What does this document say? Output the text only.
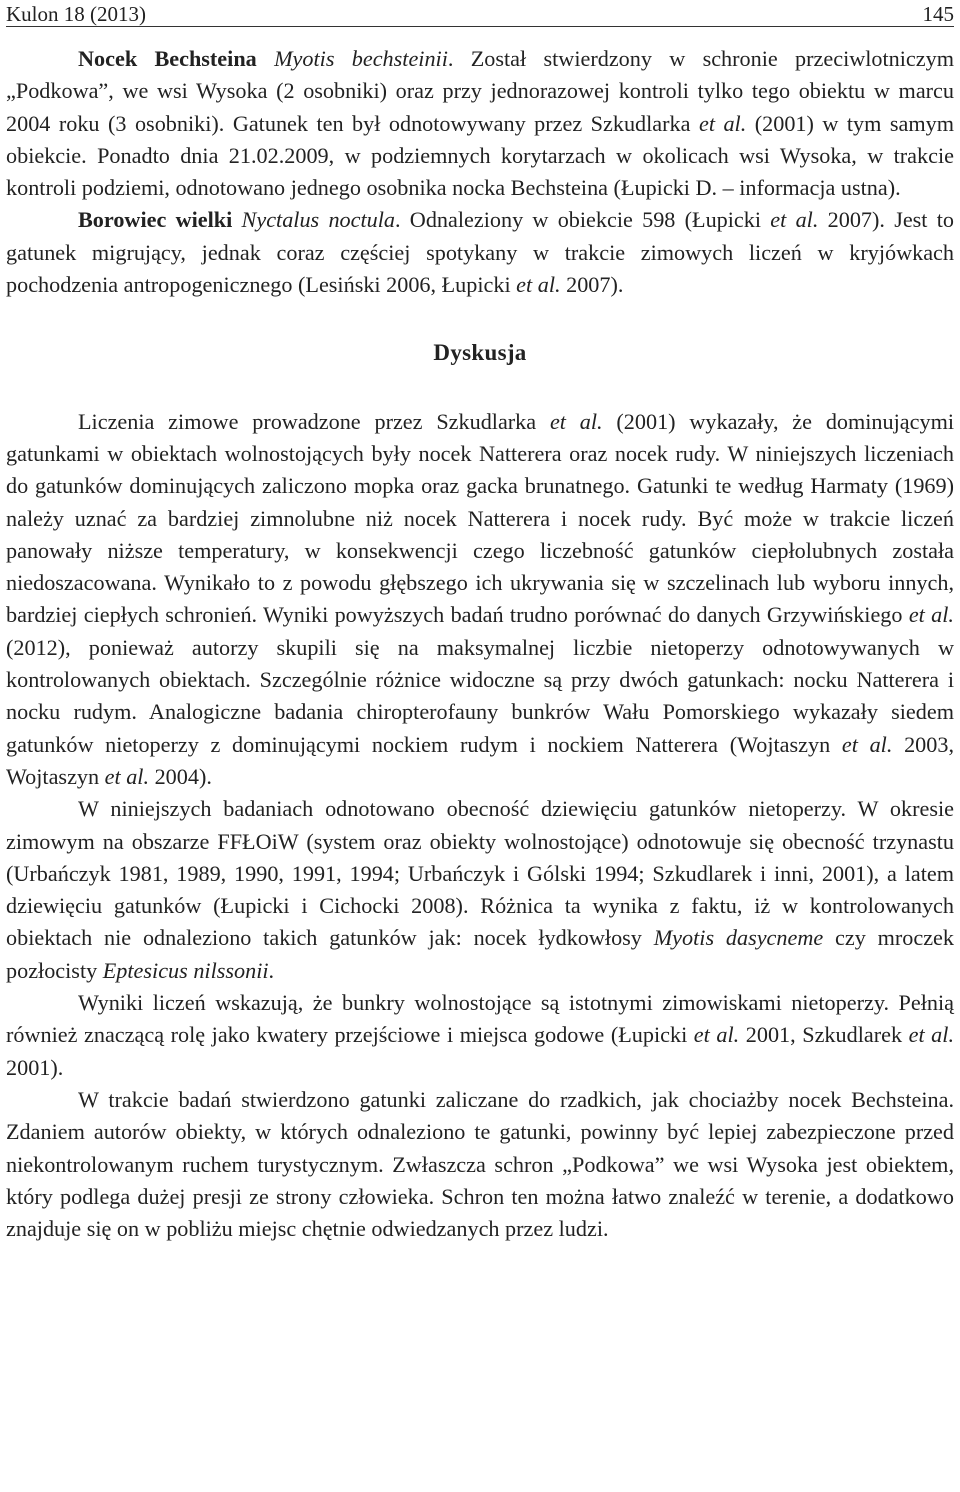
Kulon 18 (2013)	145

Nocek Bechsteina Myotis bechsteinii. Został stwierdzony w schronie przeciwlotniczym „Podkowa”, we wsi Wysoka (2 osobniki) oraz przy jednorazowej kontroli tylko tego obiektu w marcu 2004 roku (3 osobniki). Gatunek ten był odnotowywany przez Szkudlarka et al. (2001) w tym samym obiekcie. Ponadto dnia 21.02.2009, w podziemnych korytarzach w okolicach wsi Wysoka, w trakcie kontroli podziemi, odnotowano jednego osobnika nocka Bechsteina (Łupicki D. – informacja ustna).

Borowiec wielki Nyctalus noctula. Odnaleziony w obiekcie 598 (Łupicki et al. 2007). Jest to gatunek migrujący, jednak coraz częściej spotykany w trakcie zimowych liczeń w kryjówkach pochodzenia antropogenicznego (Lesiński 2006, Łupicki et al. 2007).

Dyskusja

Liczenia zimowe prowadzone przez Szkudlarka et al. (2001) wykazały, że dominującymi gatunkami w obiektach wolnostojących były nocek Natterera oraz nocek rudy. W niniejszych liczeniach do gatunków dominujących zaliczono mopka oraz gacka brunatnego. Gatunki te według Harmaty (1969) należy uznać za bardziej zimnolubne niż nocek Natterera i nocek rudy. Być może w trakcie liczeń panowały niższe temperatury, w konsekwencji czego liczebność gatunków ciepłolubnych została niedoszacowana. Wynikało to z powodu głębszego ich ukrywania się w szczelinach lub wyboru innych, bardziej ciepłych schronień. Wyniki powyższych badań trudno porównać do danych Grzywińskiego et al. (2012), ponieważ autorzy skupili się na maksymalnej liczbie nietoperzy odnotowywanych w kontrolowanych obiektach. Szczególnie różnice widoczne są przy dwóch gatunkach: nocku Natterera i nocku rudym. Analogiczne badania chiropterofauny bunkrów Wału Pomorskiego wykazały siedem gatunków nietoperzy z dominującymi nockiem rudym i nockiem Natterera (Wojtaszyn et al. 2003, Wojtaszyn et al. 2004).

W niniejszych badaniach odnotowano obecność dziewięciu gatunków nietoperzy. W okresie zimowym na obszarze FFŁOiW (system oraz obiekty wolnostojące) odnotowuje się obecność trzynastu (Urbańczyk 1981, 1989, 1990, 1991, 1994; Urbańczyk i Gólski 1994; Szkudlarek i inni, 2001), a latem dziewięciu gatunków (Łupicki i Cichocki 2008). Różnica ta wynika z faktu, iż w kontrolowanych obiektach nie odnaleziono takich gatunków jak: nocek łydkowłosy Myotis dasycneme czy mroczek pozłocisty Eptesicus nilssonii.

Wyniki liczeń wskazują, że bunkry wolnostojące są istotnymi zimowiskami nietoperzy. Pełnią również znaczącą rolę jako kwatery przejściowe i miejsca godowe (Łupicki et al. 2001, Szkudlarek et al. 2001).

W trakcie badań stwierdzono gatunki zaliczane do rzadkich, jak chociażby nocek Bechsteina. Zdaniem autorów obiekty, w których odnaleziono te gatunki, powinny być lepiej zabezpieczone przed niekontrolowanym ruchem turystycznym. Zwłaszcza schron „Podkowa” we wsi Wysoka jest obiektem, który podlega dużej presji ze strony człowieka. Schron ten można łatwo znaleźć w terenie, a dodatkowo znajduje się on w pobliżu miejsc chętnie odwiedzanych przez ludzi.
